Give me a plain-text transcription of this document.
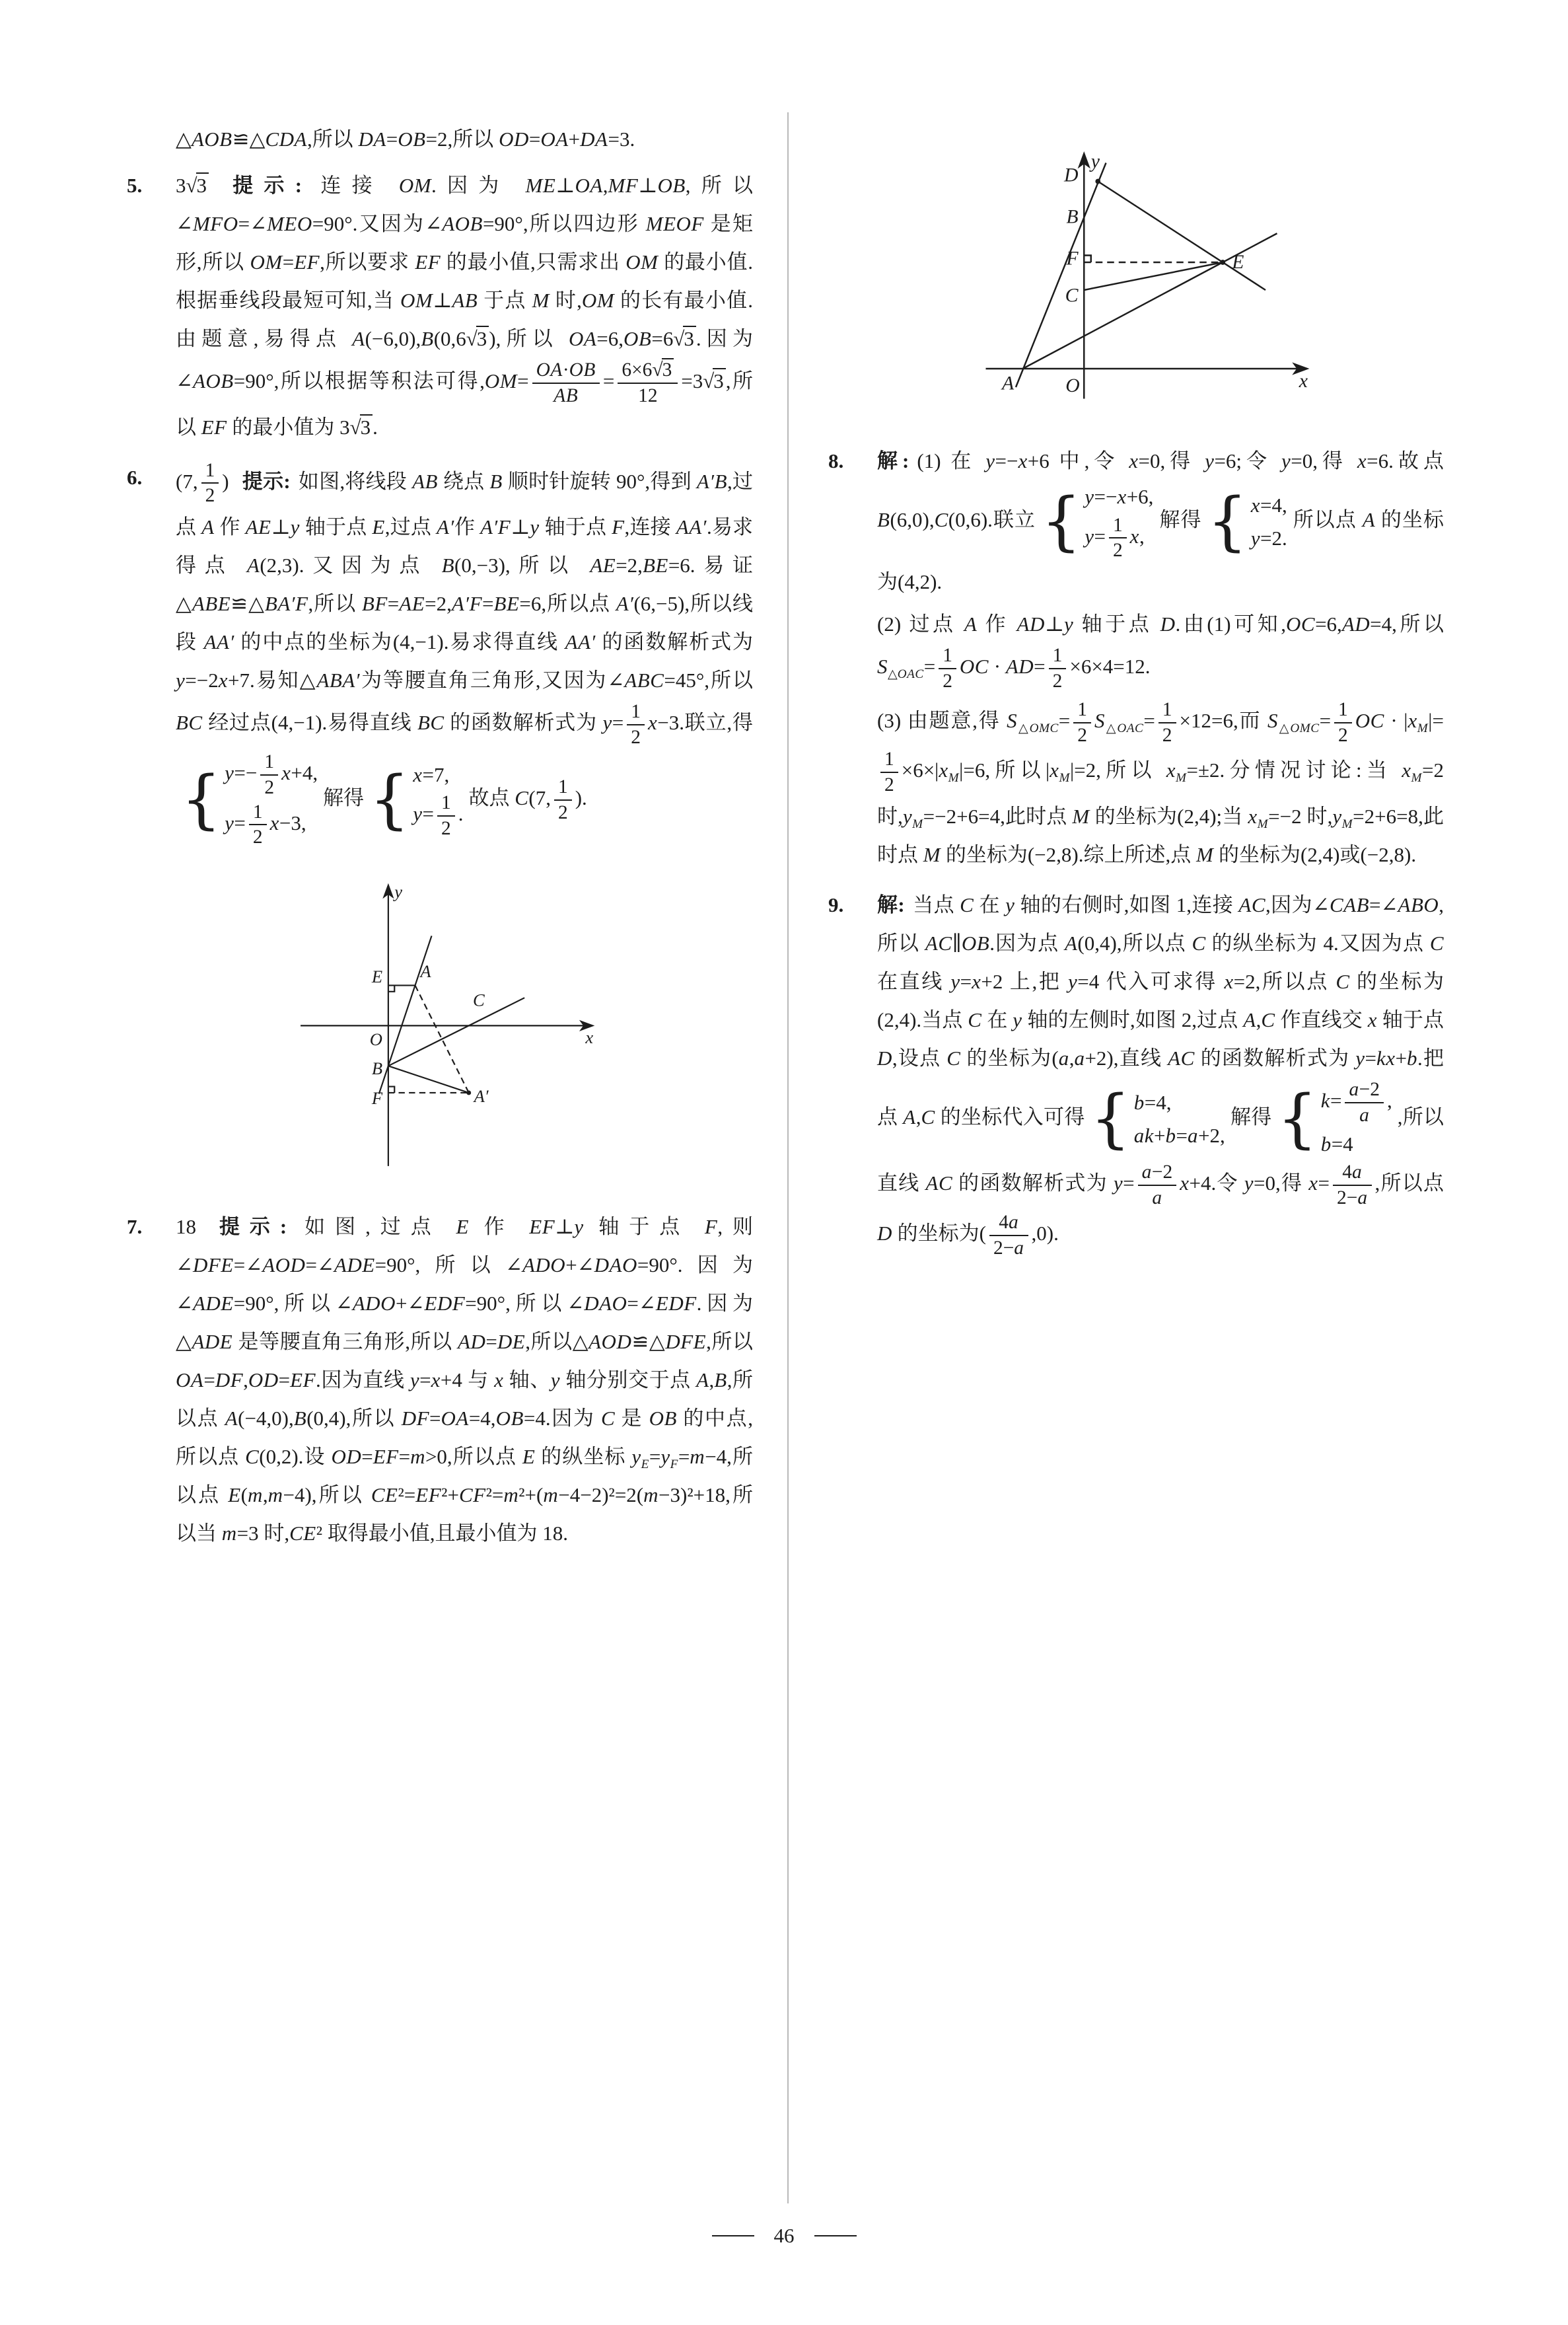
△AOB≌△CDA,所以 DA=OB=2,所以 OD=OA+DA=3.

5.	3√3 提示: 连接 OM.因为 ME⊥OA,MF⊥OB,所以∠MFO=∠MEO=90°.又因为∠AOB=90°,所以四边形 MEOF 是矩形,所以 OM=EF,所以要求 EF 的最小值,只需求出 OM 的最小值.根据垂线段最短可知,当 OM⊥AB 于点 M 时,OM 的长有最小值.由题意,易得点 A(−6,0),B(0,6√3),所以 OA=6,OB=6√3.因为∠AOB=90°,所以根据等积法可得$,OM= \frac{OA\cdot OB}{AB} = \frac{6\times 6√3}{12} =3√3$,所以 EF 的最小值为 3√3.

6.	(7, $\frac{1}{2}$ ) 提示: 如图,将线段 AB 绕点 B 顺时针旋转 90°,得到 A′B,过点 A 作 AE⊥y 轴于点 E,过点 A′作 A′F⊥y 轴于点 F,连接 AA′.易求得点 A(2,3).又因为点 B(0,−3),所以 AE=2,BE=6.易证△ABE≌△BA′F,所以 BF=AE=2,A′F=BE=6,所以点 A′(6,−5),所以线段 AA′ 的中点的坐标为(4,−1).易求得直线 AA′ 的函数解析式为 y=−2x+7.易知△ABA′为等腰直角三角形,又因为∠ABC=45°,所以 BC 经过点(4,−1).易得直线 BC 的函数解析式为 $y= \frac{1}{2} x-3$.联立,得
{ $y=- \frac{1}{2} x+4$,
$y= \frac{1}{2} x-3$,
解得 { x=7,
$y= \frac{1}{2}$ .
故点 C(7, $\frac{1}{2}$ ).

y
x
O
E	A
C
B
F	A′
7.	18 提示: 如图,过点 E 作 EF⊥y 轴于点 F,则∠DFE=∠AOD=∠ADE=90°,所以∠ADO+∠DAO=90°.因为∠ADE=90°,所以∠ADO+∠EDF=90°,所以∠DAO=∠EDF.因为△ADE 是等腰直角三角形,所以 AD=DE,所以△AOD≌△DFE,所以 OA=DF,OD=EF.因为直线 y=x+4 与 x 轴、y 轴分别交于点 A,B,所以点 A(−4,0),B(0,4),所以 DF=OA=4,OB=4.因为 C 是 OB 的中点,所以点 C(0,2).设 OD=EF=m>0,所以点 E 的纵坐标 $y_E=y_F=m-4$,所以点 E(m,m−4),所以 CE²=EF²+CF²=m²+(m−4−2)²=2(m−3)²+18,所以当 m=3 时,CE² 取得最小值,且最小值为 18.

y
x
O
D
B
F
C
E
A
8.	解: (1) 在 y=−x+6 中,令 x=0,得 y=6;令 y=0,得 x=6.故点 B(6,0),C(0,6).联立 { y=−x+6,
$y= \frac{1}{2} x$,
解得 { x=4,
y=2.
所以点 A 的坐标为(4,2).

(2) 过点 A 作 AD⊥y 轴于点 D.由(1)可知,OC=6,AD=4,所以 $S_{\triangle OAC}= \frac{1}{2}$ OC · $AD= \frac{1}{2} \times 6\times 4=12$.

(3) 由题意,得 $S_{\triangle OMC}= \frac{1}{2} S_{\triangle OAC}= \frac{1}{2} \times 12=6$,而 $S_{\triangle OMC}= \frac{1}{2}$ OC · $|x_M|=$
$\frac{1}{2} \times 6\times|x_M|=6$,所以$|x_M|=2$,所以 $x_M=\pm 2$.分情况讨论:当 $x_M=2$ 时$,y_M=-2+6=4$,此时点 M 的坐标为(2,4);当 $x_M=-2$ 时$,y_M=2+6=8$,此时点 M 的坐标为(−2,8).综上所述,点 M 的坐标为(2,4)或(−2,8).

9.	解: 当点 C 在 y 轴的右侧时,如图 1,连接 AC,因为∠CAB=∠ABO,所以 AC∥OB.因为点 A(0,4),所以点 C 的纵坐标为 4.又因为点 C 在直线 y=x+2 上,把 y=4 代入可求得 x=2,所以点 C 的坐标为(2,4).当点 C 在 y 轴的左侧时,如图 2,过点 A,C 作直线交 x 轴于点 D,设点 C 的坐标为(a,a+2),直线 AC 的函数解析式为 y=kx+b.把点 A,C 的坐标代入可得 { b=4,
ak+b=a+2,
解得 { $k= \frac{a-2}{a}$ ,
b=4
,所以直线 AC 的函数解析式为 $y= \frac{a-2}{a} x+4$.令 y=0,得 $x= \frac{4a}{2-a}$ ,所以点 D 的坐标为( $\frac{4a}{2-a} ,0$).

46
